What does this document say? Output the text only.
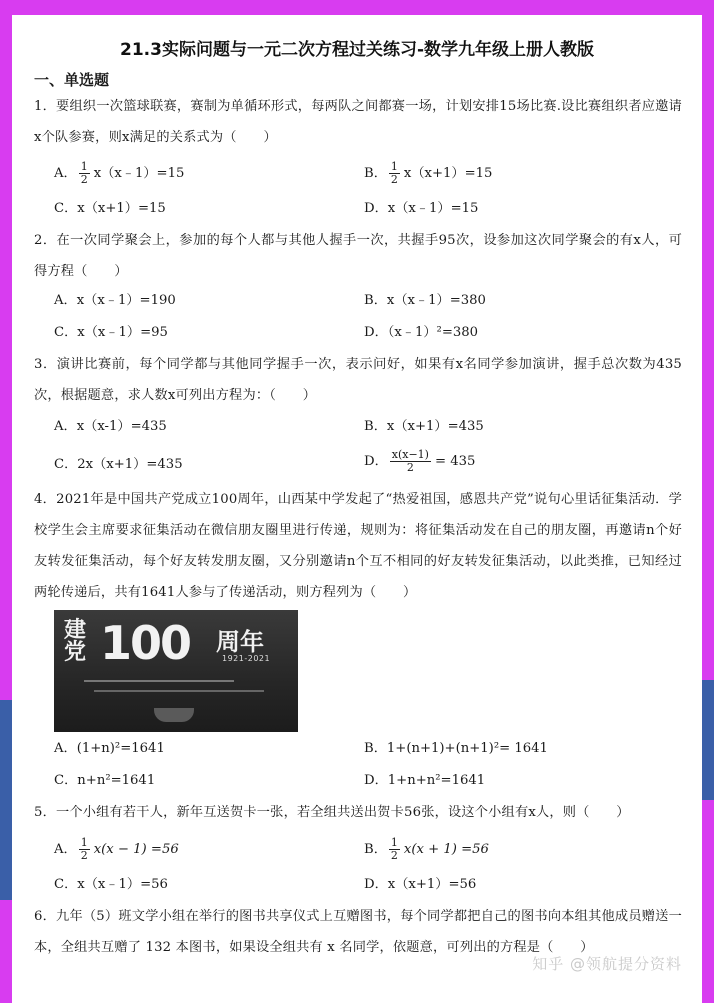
21.3实际问题与一元二次方程过关练习-数学九年级上册人教版
一、单选题
1．要组织一次篮球联赛，赛制为单循环形式，每两队之间都赛一场，计划安排15场比赛.设比赛组织者应邀请x个队参赛，则x满足的关系式为（　　）
A． $\frac{1}{2}$ x（x﹣1）=15	B． $\frac{1}{2} x(x+1)=15$
C．x（x+1）=15	D．x（x﹣1）=15
2．在一次同学聚会上，参加的每个人都与其他人握手一次，共握手95次，设参加这次同学聚会的有x人，可得方程（　　）
A．x（x﹣1）=190	B．x（x﹣1）=380
C．x（x﹣1）=95	D．（x﹣1）²=380
3．演讲比赛前，每个同学都与其他同学握手一次，表示问好，如果有x名同学参加演讲，握手总次数为435次，根据题意，求人数x可列出方程为：（　　）
A．x（x-1）=435	B．x（x+1）=435
C．2x（x+1）=435	D． $\frac{x(x-1)}{2} = 435$
4．2021年是中国共产党成立100周年，山西某中学发起了“热爱祖国，感恩共产党”说句心里话征集活动．学校学生会主席要求征集活动在微信朋友圈里进行传递，规则为：将征集活动发在自己的朋友圈，再邀请n个好友转发征集活动，每个好友转发朋友圈，又分别邀请n个互不相同的好友转发征集活动，以此类推，已知经过两轮传递后，共有1641人参与了传递活动，则方程列为（　　）
建党 100 周年
1921-2021
A．(1+n)²=1641	B．1+(n+1)+(n+1)²= 1641
C．n+n²=1641	D．1+n+n²=1641
5．一个小组有若干人，新年互送贺卡一张，若全组共送出贺卡56张，设这个小组有x人，则（　　）
A． $\frac{1}{2} x(x - 1) =56$	B． $\frac{1}{2} x(x + 1) =56$
C．x（x﹣1）=56	D．x（x+1）=56
6．九年（5）班文学小组在举行的图书共享仪式上互赠图书，每个同学都把自己的图书向本组其他成员赠送一本，全组共互赠了 132 本图书，如果设全组共有 x 名同学，依题意，可列出的方程是（　　）
知乎 @领航提分资料
